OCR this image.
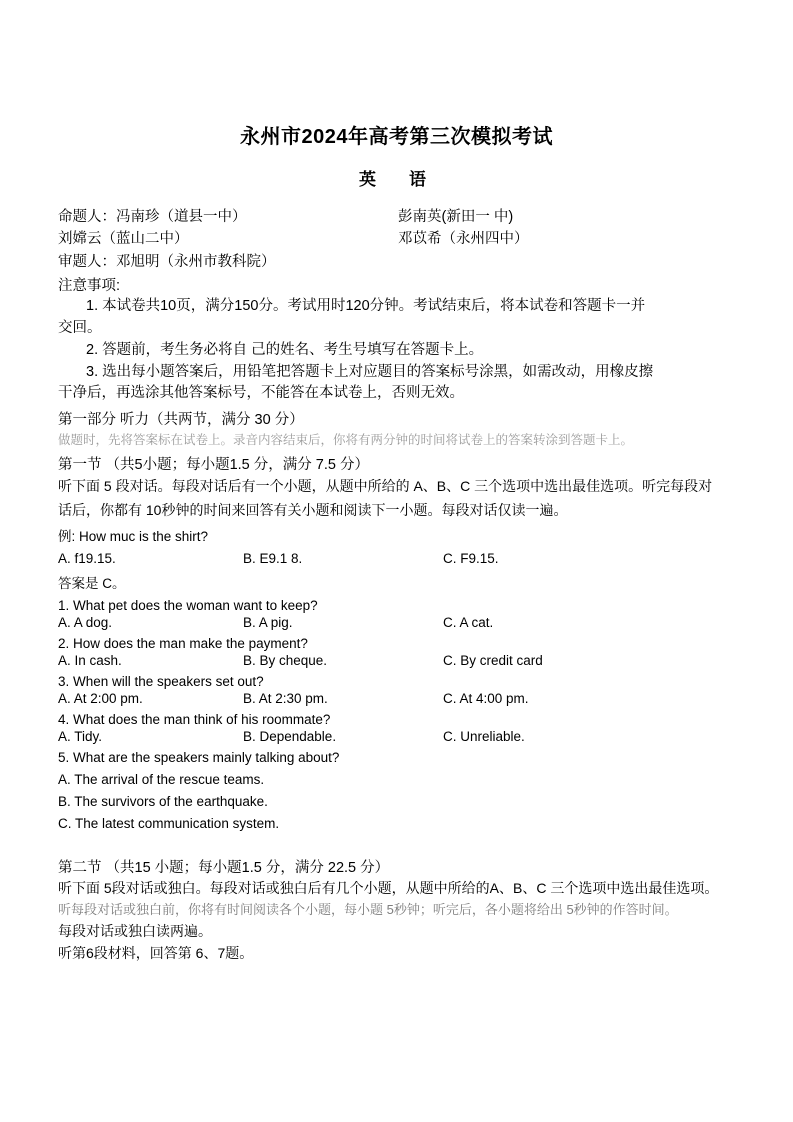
永州市2024年高考第三次模拟考试
英　语
命题人：冯南珍（道县一中）	彭南英(新田一 中)
刘嫦云（蓝山二中）	邓苡希（永州四中）
审题人：邓旭明（永州市教科院）
注意事项:
1. 本试卷共10页，满分150分。考试用时120分钟。考试结束后，将本试卷和答题卡一并
交回。
2. 答题前，考生务必将自 己的姓名、考生号填写在答题卡上。
3. 选出每小题答案后，用铅笔把答题卡上对应题目的答案标号涂黑，如需改动，用橡皮擦
干净后，再选涂其他答案标号，不能答在本试卷上，否则无效。
第一部分 听力（共两节，满分 30 分）
做题时，先将答案标在试卷上。录音内容结束后，你将有两分钟的时间将试卷上的答案转涂到答题卡上。
第一节 （共5小题；每小题1.5 分，满分 7.5 分）
听下面 5 段对话。每段对话后有一个小题，从题中所给的 A、B、C 三个选项中选出最佳选项。听完每段对
话后，你都有 10秒钟的时间来回答有关小题和阅读下一小题。每段对话仅读一遍。
例: How muc is the shirt?
A. f19.15.	B. E9.1 8.	C. F9.15.
答案是 C。
1. What pet does the woman want to keep?
A. A dog.	B. A pig.	C. A cat.
2. How does the man make the payment?
A. In cash.	B. By cheque.	C. By credit card
3. When will the speakers set out?
A. At 2:00 pm.	B. At 2:30 pm.	C. At 4:00 pm.
4. What does the man think of his roommate?
A. Tidy.	B. Dependable.	C. Unreliable.
5. What are the speakers mainly talking about?
A. The arrival of the rescue teams.
B. The survivors of the earthquake.
C. The latest communication system.
第二节 （共15 小题；每小题1.5 分，满分 22.5 分）
听下面 5段对话或独白。每段对话或独白后有几个小题，从题中所给的A、B、C 三个选项中选出最佳选项。
听每段对话或独白前，你将有时间阅读各个小题，每小题 5秒钟；听完后，各小题将给出 5秒钟的作答时间。
每段对话或独白读两遍。
听第6段材料，回答第 6、7题。
